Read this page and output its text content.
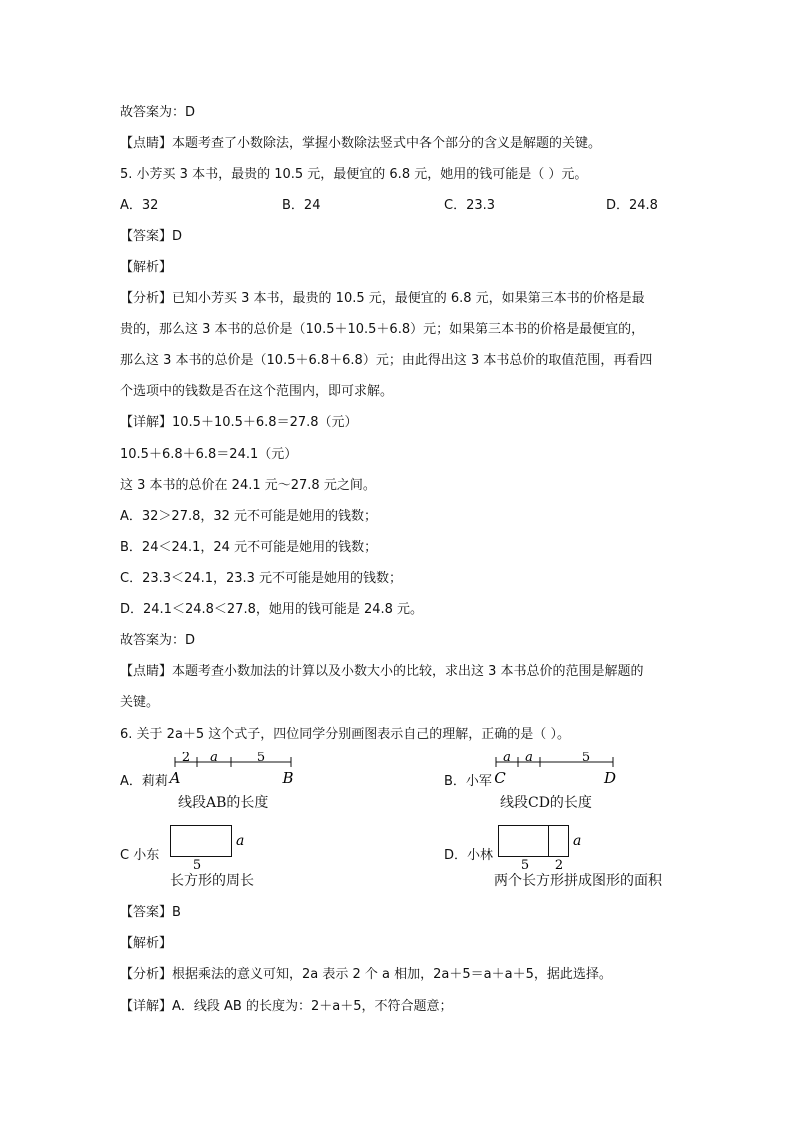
故答案为：D
【点睛】本题考查了小数除法，掌握小数除法竖式中各个部分的含义是解题的关键。
5. 小芳买 3 本书，最贵的 10.5 元，最便宜的 6.8 元，她用的钱可能是（ ）元。
A．32	B．24	C．23.3	D．24.8
【答案】D
【解析】
【分析】已知小芳买 3 本书，最贵的 10.5 元，最便宜的 6.8 元，如果第三本书的价格是最
贵的，那么这 3 本书的总价是（10.5＋10.5＋6.8）元；如果第三本书的价格是最便宜的，
那么这 3 本书的总价是（10.5＋6.8＋6.8）元；由此得出这 3 本书总价的取值范围，再看四
个选项中的钱数是否在这个范围内，即可求解。
【详解】10.5＋10.5＋6.8＝27.8（元）
10.5＋6.8＋6.8＝24.1（元）
这 3 本书的总价在 24.1 元～27.8 元之间。
A．32＞27.8，32 元不可能是她用的钱数；
B．24＜24.1，24 元不可能是她用的钱数；
C．23.3＜24.1，23.3 元不可能是她用的钱数；
D．24.1＜24.8＜27.8，她用的钱可能是 24.8 元。
故答案为：D
【点睛】本题考查小数加法的计算以及小数大小的比较，求出这 3 本书总价的范围是解题的
关键。
6. 关于 2a＋5 这个式子，四位同学分别画图表示自己的理解，正确的是（ ）。
A．莉莉
2 a	5
A	B
线段AB的长度
B．小军
a a	5
C	D
线段CD的长度
C 小东
a
5
长方形的周长
D．小林
a
5 2
两个长方形拼成图形的面积
【答案】B
【解析】
【分析】根据乘法的意义可知，2a 表示 2 个 a 相加，2a＋5＝a＋a＋5，据此选择。
【详解】A．线段 AB 的长度为：2＋a＋5，不符合题意；
